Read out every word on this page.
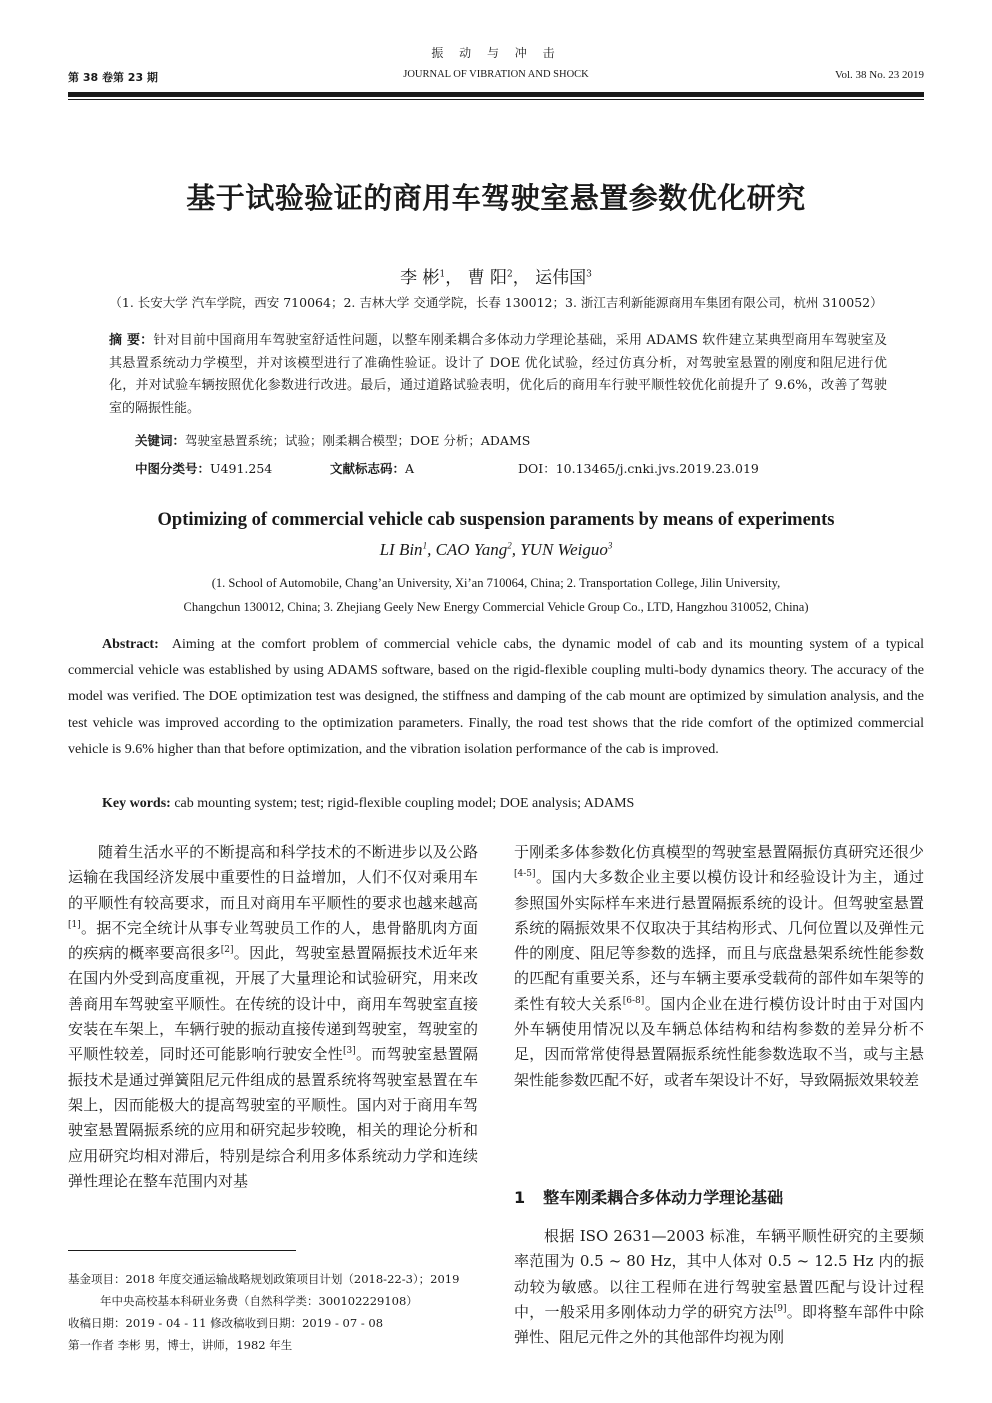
振 动 与 冲 击
第 38 卷第 23 期	JOURNAL OF VIBRATION AND SHOCK	Vol. 38 No. 23 2019
基于试验验证的商用车驾驶室悬置参数优化研究
李 彬$^1$， 曹 阳$^2$， 运伟国$^3$
（1. 长安大学 汽车学院，西安 710064；2. 吉林大学 交通学院，长春 130012；3. 浙江吉利新能源商用车集团有限公司，杭州 310052）
摘 要：针对目前中国商用车驾驶室舒适性问题，以整车刚柔耦合多体动力学理论基础，采用 ADAMS 软件建立某典型商用车驾驶室及其悬置系统动力学模型，并对该模型进行了准确性验证。设计了 DOE 优化试验，经过仿真分析，对驾驶室悬置的刚度和阻尼进行优化，并对试验车辆按照优化参数进行改进。最后，通过道路试验表明，优化后的商用车行驶平顺性较优化前提升了 9.6%，改善了驾驶室的隔振性能。
关键词：驾驶室悬置系统；试验；刚柔耦合模型；DOE 分析；ADAMS
中图分类号：U491.254	文献标志码：A	DOI：10.13465/j.cnki.jvs.2019.23.019
Optimizing of commercial vehicle cab suspension paraments by means of experiments
LI Bin$^1$, CAO Yang$^2$, YUN Weiguo$^3$
(1. School of Automobile, Chang’an University, Xi’an 710064, China; 2. Transportation College, Jilin University,
Changchun 130012, China; 3. Zhejiang Geely New Energy Commercial Vehicle Group Co., LTD, Hangzhou 310052, China)
Abstract: Aiming at the comfort problem of commercial vehicle cabs, the dynamic model of cab and its mounting system of a typical commercial vehicle was established by using ADAMS software, based on the rigid-flexible coupling multi-body dynamics theory. The accuracy of the model was verified. The DOE optimization test was designed, the stiffness and damping of the cab mount are optimized by simulation analysis, and the test vehicle was improved according to the optimization parameters. Finally, the road test shows that the ride comfort of the optimized commercial vehicle is 9.6% higher than that before optimization, and the vibration isolation performance of the cab is improved.
Key words: cab mounting system; test; rigid-flexible coupling model; DOE analysis; ADAMS

随着生活水平的不断提高和科学技术的不断进步以及公路运输在我国经济发展中重要性的日益增加，人们不仅对乘用车的平顺性有较高要求，而且对商用车平顺性的要求也越来越高[1]。据不完全统计从事专业驾驶员工作的人，患骨骼肌肉方面的疾病的概率要高很多[2]。因此，驾驶室悬置隔振技术近年来在国内外受到高度重视，开展了大量理论和试验研究，用来改善商用车驾驶室平顺性。在传统的设计中，商用车驾驶室直接安装在车架上，车辆行驶的振动直接传递到驾驶室，驾驶室的平顺性较差，同时还可能影响行驶安全性[3]。而驾驶室悬置隔振技术是通过弹簧阻尼元件组成的悬置系统将驾驶室悬置在车架上，因而能极大的提高驾驶室的平顺性。国内对于商用车驾驶室悬置隔振系统的应用和研究起步较晚，相关的理论分析和应用研究均相对滞后，特别是综合利用多体系统动力学和连续弹性理论在整车范围内对基

于刚柔多体参数化仿真模型的驾驶室悬置隔振仿真研究还很少[4-5]。国内大多数企业主要以模仿设计和经验设计为主，通过参照国外实际样车来进行悬置隔振系统的设计。但驾驶室悬置系统的隔振效果不仅取决于其结构形式、几何位置以及弹性元件的刚度、阻尼等参数的选择，而且与底盘悬架系统性能参数的匹配有重要关系，还与车辆主要承受载荷的部件如车架等的柔性有较大关系[6-8]。国内企业在进行模仿设计时由于对国内外车辆使用情况以及车辆总体结构和结构参数的差异分析不足，因而常常使得悬置隔振系统性能参数选取不当，或与主悬架性能参数匹配不好，或者车架设计不好，导致隔振效果较差

1 整车刚柔耦合多体动力学理论基础

根据 ISO 2631—2003 标准，车辆平顺性研究的主要频率范围为 0.5 ~ 80 Hz，其中人体对 0.5 ~ 12.5 Hz 内的振动较为敏感。以往工程师在进行驾驶室悬置匹配与设计过程中，一般采用多刚体动力学的研究方法[9]。即将整车部件中除弹性、阻尼元件之外的其他部件均视为刚

基金项目：2018 年度交通运输战略规划政策项目计划（2018-22-3）；2019
年中央高校基本科研业务费（自然科学类：300102229108）
收稿日期：2019 - 04 - 11 修改稿收到日期：2019 - 07 - 08
第一作者 李彬 男，博士，讲师，1982 年生
